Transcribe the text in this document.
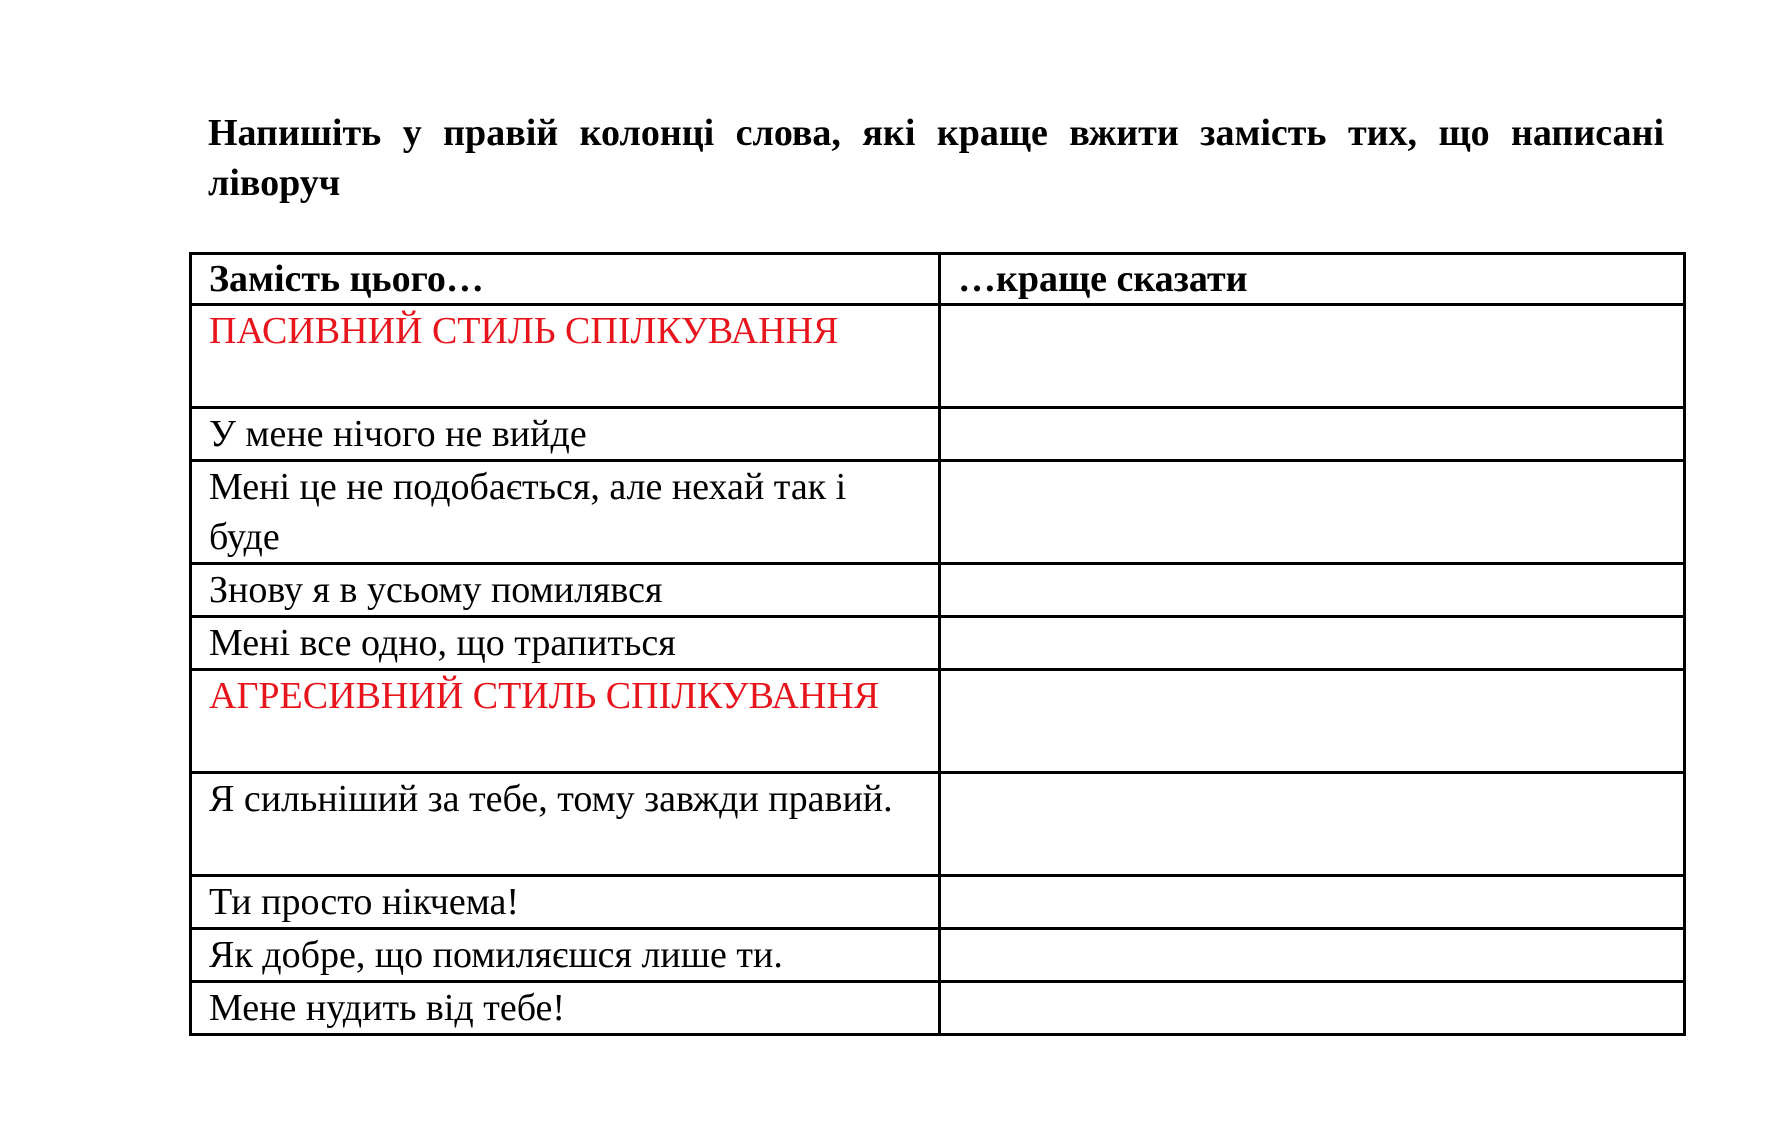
Напишіть у правій колонці слова, які краще вжити замість тих, що написані ліворуч

Замість цього…	…краще сказати
ПАСИВНИЙ СТИЛЬ СПІЛКУВАННЯ	
У мене нічого не вийде	
Мені це не подобається, але нехай так і буде	
Знову я в усьому помилявся	
Мені все одно, що трапиться	
АГРЕСИВНИЙ СТИЛЬ СПІЛКУВАННЯ	
Я сильніший за тебе, тому завжди правий.	
Ти просто нікчема!	
Як добре, що помиляєшся лише ти.	
Мене нудить від тебе!	
